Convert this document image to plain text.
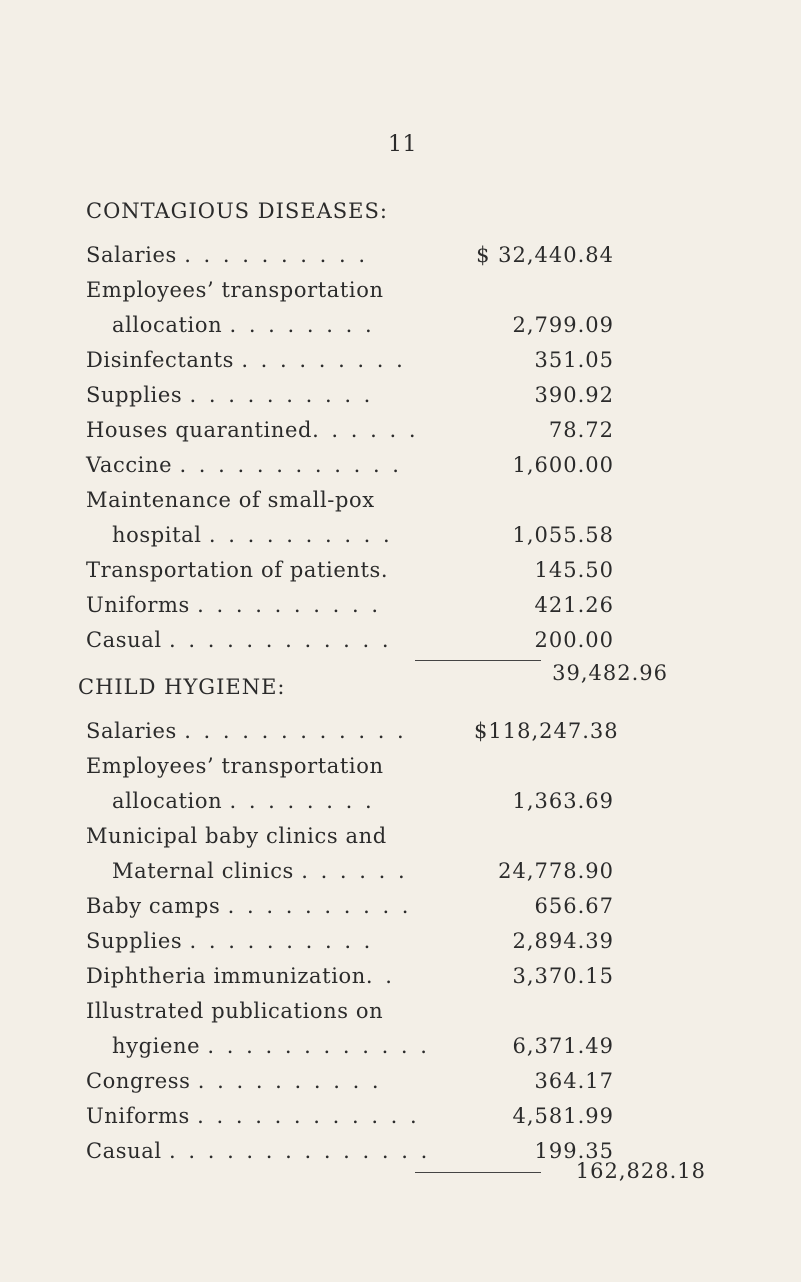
11
CONTAGIOUS DISEASES:
Salaries . . . . . . . . . .	$ 32,440.84
Employees’ transportation
allocation . . . . . . . .	2,799.09
Disinfectants . . . . . . . . .	351.05
Supplies . . . . . . . . . .	390.92
Houses quarantined. . . . . .	78.72
Vaccine . . . . . . . . . . . .	1,600.00
Maintenance of small-pox
hospital . . . . . . . . . .	1,055.58
Transportation of patients.	145.50
Uniforms . . . . . . . . . .	421.26
Casual . . . . . . . . . . . .	200.00
39,482.96
CHILD HYGIENE:
Salaries . . . . . . . . . . . .	$118,247.38
Employees’ transportation
allocation . . . . . . . .	1,363.69
Municipal baby clinics and
Maternal clinics . . . . . .	24,778.90
Baby camps . . . . . . . . . .	656.67
Supplies . . . . . . . . . .	2,894.39
Diphtheria immunization. .	3,370.15
Illustrated publications on
hygiene . . . . . . . . . . . .	6,371.49
Congress . . . . . . . . . .	364.17
Uniforms . . . . . . . . . . . .	4,581.99
Casual . . . . . . . . . . . . . .	199.35
162,828.18
